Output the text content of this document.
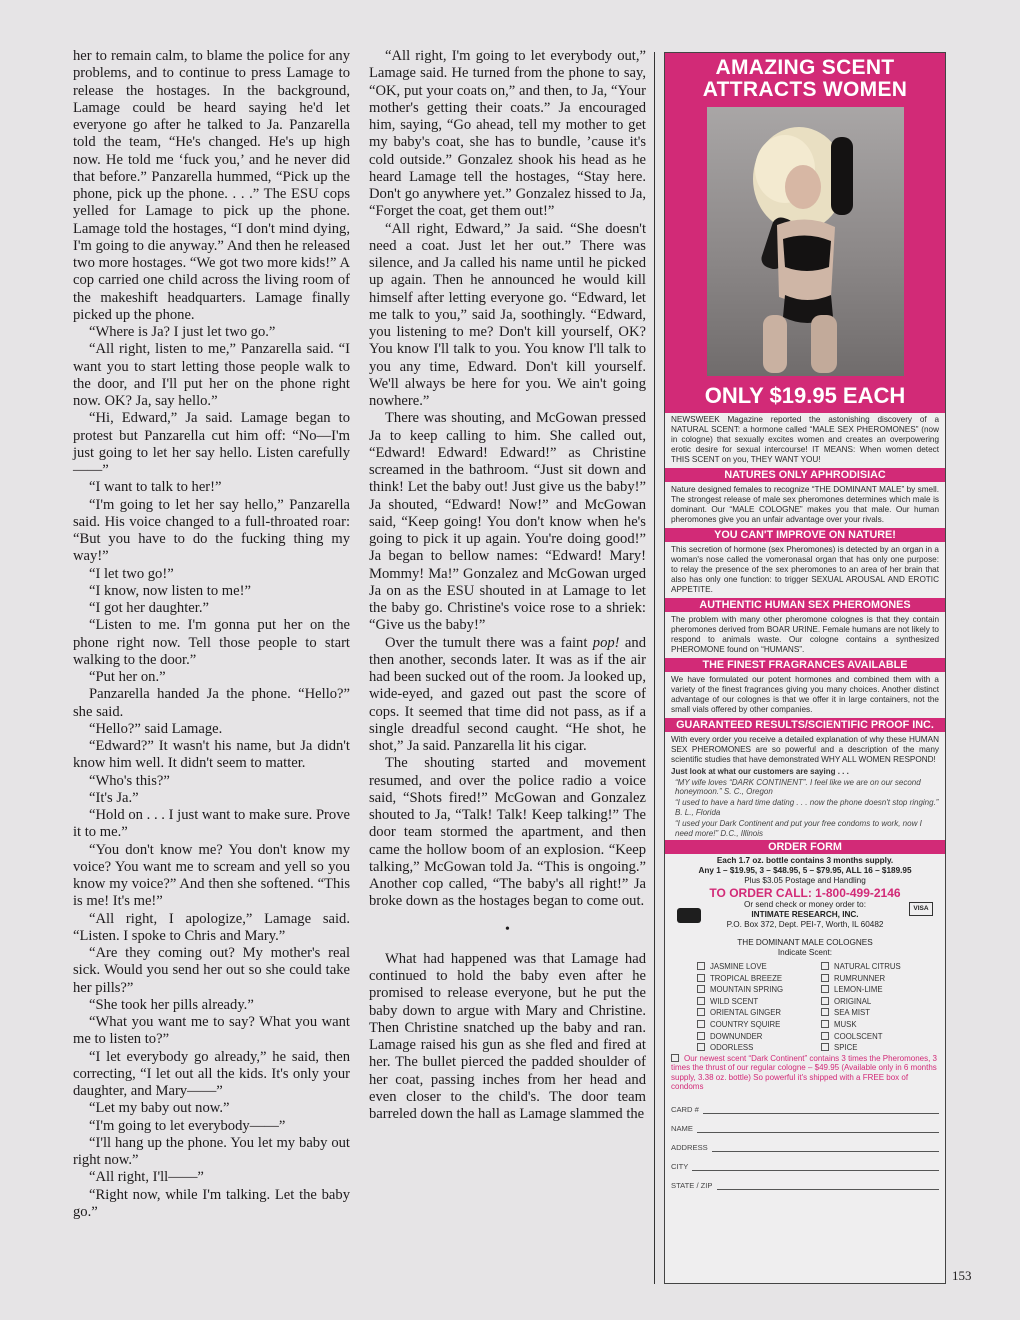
her to remain calm, to blame the police for any problems, and to continue to press Lamage to release the hostages. In the background, Lamage could be heard saying he'd let everyone go after he talked to Ja. Panzarella told the team, “He's changed. He's up high now. He told me ‘fuck you,’ and he never did that before.” Panzarella hummed, “Pick up the phone, pick up the phone. . . .” The ESU cops yelled for Lamage to pick up the phone. Lamage told the hostages, “I don't mind dying, I'm going to die anyway.” And then he released two more hostages. “We got two more kids!” A cop carried one child across the living room of the makeshift headquarters. Lamage finally picked up the phone.

“Where is Ja? I just let two go.”

“All right, listen to me,” Panzarella said. “I want you to start letting those people walk to the door, and I'll put her on the phone right now. OK? Ja, say hello.”

“Hi, Edward,” Ja said. Lamage began to protest but Panzarella cut him off: “No—I'm just going to let her say hello. Listen carefully——”

“I want to talk to her!”

“I'm going to let her say hello,” Panzarella said. His voice changed to a full-throated roar: “But you have to do the fucking thing my way!”

“I let two go!”

“I know, now listen to me!”

“I got her daughter.”

“Listen to me. I'm gonna put her on the phone right now. Tell those people to start walking to the door.”

“Put her on.”

Panzarella handed Ja the phone. “Hello?” she said.

“Hello?” said Lamage.

“Edward?” It wasn't his name, but Ja didn't know him well. It didn't seem to matter.

“Who's this?”

“It's Ja.”

“Hold on . . . I just want to make sure. Prove it to me.”

“You don't know me? You don't know my voice? You want me to scream and yell so you know my voice?” And then she softened. “This is me! It's me!”

“All right, I apologize,” Lamage said. “Listen. I spoke to Chris and Mary.”

“Are they coming out? My mother's real sick. Would you send her out so she could take her pills?”

“She took her pills already.”

“What you want me to say? What you want me to listen to?”

“I let everybody go already,” he said, then correcting, “I let out all the kids. It's only your daughter, and Mary——”

“Let my baby out now.”

“I'm going to let everybody——”

“I'll hang up the phone. You let my baby out right now.”

“All right, I'll——”

“Right now, while I'm talking. Let the baby go.”

“All right, I'm going to let everybody out,” Lamage said. He turned from the phone to say, “OK, put your coats on,” and then, to Ja, “Your mother's getting their coats.” Ja encouraged him, saying, “Go ahead, tell my mother to get my baby's coat, she has to bundle, ’cause it's cold outside.” Gonzalez shook his head as he heard Lamage tell the hostages, “Stay here. Don't go anywhere yet.” Gonzalez hissed to Ja, “Forget the coat, get them out!”

“All right, Edward,” Ja said. “She doesn't need a coat. Just let her out.” There was silence, and Ja called his name until he picked up again. Then he announced he would kill himself after letting everyone go. “Edward, let me talk to you,” said Ja, soothingly. “Edward, you listening to me? Don't kill yourself, OK? You know I'll talk to you. You know I'll talk to you any time, Edward. Don't kill yourself. We'll always be here for you. We ain't going nowhere.”

There was shouting, and McGowan pressed Ja to keep calling to him. She called out, “Edward! Edward! Edward!” as Christine screamed in the bathroom. “Just sit down and think! Let the baby out! Just give us the baby!” Ja shouted, “Edward! Now!” and McGowan said, “Keep going! You don't know when he's going to pick it up again. You're doing good!” Ja began to bellow names: “Edward! Mary! Mommy! Ma!” Gonzalez and McGowan urged Ja on as the ESU shouted in at Lamage to let the baby go. Christine's voice rose to a shriek: “Give us the baby!”

Over the tumult there was a faint pop! and then another, seconds later. It was as if the air had been sucked out of the room. Ja looked up, wide-eyed, and gazed out past the score of cops. It seemed that time did not pass, as if a single dreadful second caught. “He shot, he shot,” Ja said. Panzarella lit his cigar.

The shouting started and movement resumed, and over the police radio a voice said, “Shots fired!” McGowan and Gonzalez shouted to Ja, “Talk! Talk! Keep talking!” The door team stormed the apartment, and then came the hollow boom of an explosion. “Keep talking,” McGowan told Ja. “This is ongoing.” Another cop called, “The baby's all right!” Ja broke down as the hostages began to come out.

•

What had happened was that Lamage had continued to hold the baby even after he promised to release everyone, but he put the baby down to argue with Mary and Christine. Then Christine snatched up the baby and ran. Lamage raised his gun as she fled and fired at her. The bullet pierced the padded shoulder of her coat, passing inches from her head and even closer to the child's. The door team barreled down the hall as Lamage slammed the

AMAZING SCENT ATTRACTS WOMEN
ONLY $19.95 EACH
NEWSWEEK Magazine reported the astonishing discovery of a NATURAL SCENT: a hormone called “MALE SEX PHEROMONES” (now in cologne) that sexually excites women and creates an overpowering erotic desire for sexual intercourse! IT MEANS: When women detect THIS SCENT on you, THEY WANT YOU!
NATURES ONLY APHRODISIAC
Nature designed females to recognize “THE DOMINANT MALE” by smell. The strongest release of male sex pheromones determines which male is dominant. Our “MALE COLOGNE” makes you that male. Our human pheromones give you an unfair advantage over your rivals.
YOU CAN'T IMPROVE ON NATURE!
This secretion of hormone (sex Pheromones) is detected by an organ in a woman's nose called the vomeronasal organ that has only one purpose: to relay the presence of the sex pheromones to an area of her brain that also has only one function: to trigger SEXUAL AROUSAL AND EROTIC APPETITE.
AUTHENTIC HUMAN SEX PHEROMONES
The problem with many other pheromone colognes is that they contain pheromones derived from BOAR URINE. Female humans are not likely to respond to animals waste. Our cologne contains a synthesized PHEROMONE found on “HUMANS”.
THE FINEST FRAGRANCES AVAILABLE
We have formulated our potent hormones and combined them with a variety of the finest fragrances giving you many choices. Another distinct advantage of our colognes is that we offer it in large containers, not the small vials offered by other companies.
GUARANTEED RESULTS/SCIENTIFIC PROOF INC.
With every order you receive a detailed explanation of why these HUMAN SEX PHEROMONES are so powerful and a description of the many scientific studies that have demonstrated WHY ALL WOMEN RESPOND!
Just look at what our customers are saying . . .
“MY wife loves “DARK CONTINENT”. I feel like we are on our second honeymoon.” S. C., Oregon
“I used to have a hard time dating . . . now the phone doesn't stop ringing.” B. L., Florida
“I used your Dark Continent and put your free condoms to work, now I need more!” D.C., Illinois
ORDER FORM
Each 1.7 oz. bottle contains 3 months supply.
Any 1 – $19.95, 3 – $48.95, 5 – $79.95, ALL 16 – $189.95
Plus $3.05 Postage and Handling
TO ORDER CALL: 1-800-499-2146
VISA
Or send check or money order to:
INTIMATE RESEARCH, INC.
P.O. Box 372, Dept. PEI-7, Worth, IL 60482
THE DOMINANT MALE COLOGNES
Indicate Scent:
JASMINE LOVE	NATURAL CITRUS
TROPICAL BREEZE	RUMRUNNER
MOUNTAIN SPRING	LEMON-LIME
WILD SCENT	ORIGINAL
ORIENTAL GINGER	SEA MIST
COUNTRY SQUIRE	MUSK
DOWNUNDER	COOLSCENT
ODORLESS	SPICE
Our newest scent “Dark Continent” contains 3 times the Pheromones, 3 times the thrust of our regular cologne – $49.95 (Available only in 6 months supply, 3.38 oz. bottle) So powerful it's shipped with a FREE box of condoms
CARD #
NAME
ADDRESS
CITY
STATE / ZIP
153
